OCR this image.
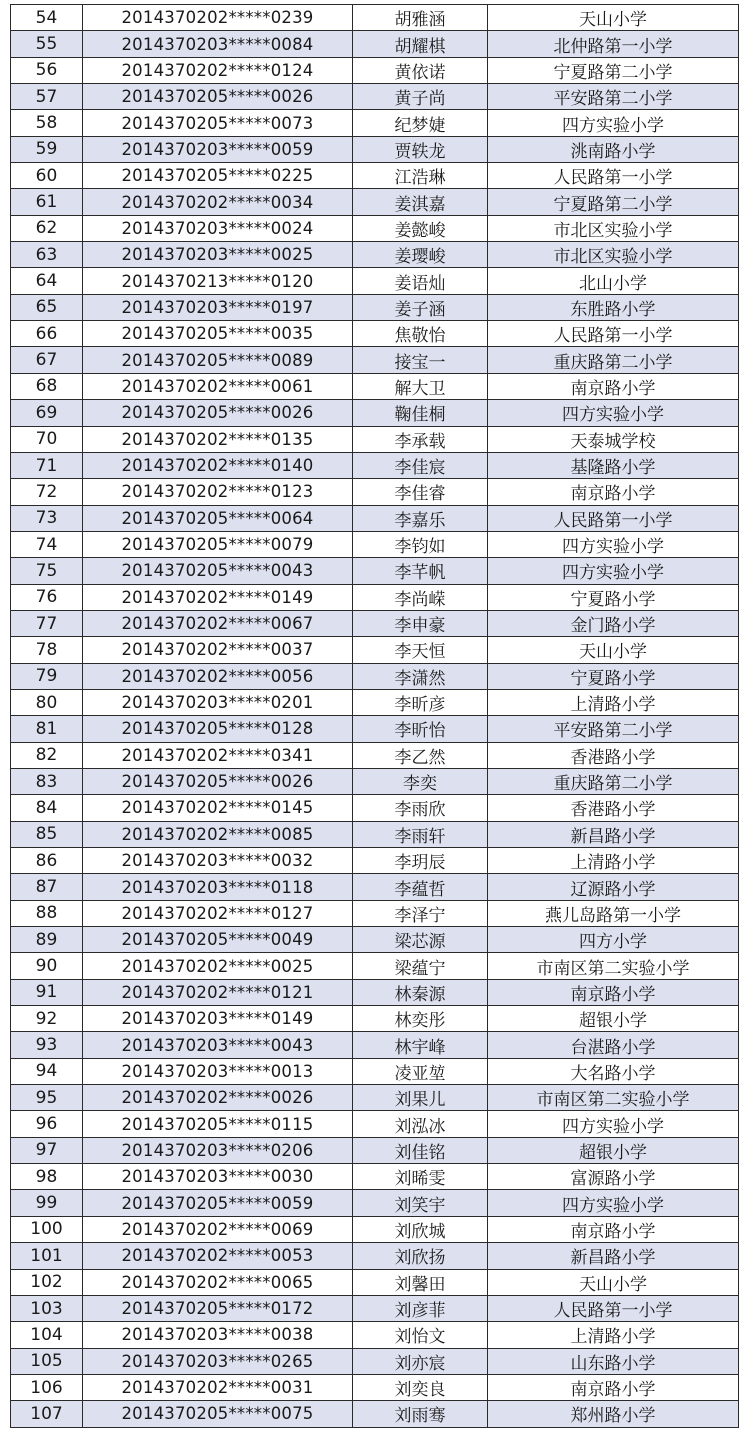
54	2014370202*****0239	胡雅涵	天山小学
55	2014370203*****0084	胡耀棋	北仲路第一小学
56	2014370202*****0124	黄依诺	宁夏路第二小学
57	2014370205*****0026	黄子尚	平安路第二小学
58	2014370205*****0073	纪梦婕	四方实验小学
59	2014370203*****0059	贾轶龙	洮南路小学
60	2014370205*****0225	江浩琳	人民路第一小学
61	2014370202*****0034	姜淇嘉	宁夏路第二小学
62	2014370203*****0024	姜懿峻	市北区实验小学
63	2014370203*****0025	姜璎峻	市北区实验小学
64	2014370213*****0120	姜语灿	北山小学
65	2014370203*****0197	姜子涵	东胜路小学
66	2014370205*****0035	焦敬怡	人民路第一小学
67	2014370205*****0089	接宝一	重庆路第二小学
68	2014370202*****0061	解大卫	南京路小学
69	2014370205*****0026	鞠佳桐	四方实验小学
70	2014370202*****0135	李承载	天泰城学校
71	2014370202*****0140	李佳宸	基隆路小学
72	2014370202*****0123	李佳睿	南京路小学
73	2014370205*****0064	李嘉乐	人民路第一小学
74	2014370205*****0079	李钧如	四方实验小学
75	2014370205*****0043	李芊帆	四方实验小学
76	2014370202*****0149	李尚嵘	宁夏路小学
77	2014370202*****0067	李申豪	金门路小学
78	2014370202*****0037	李天恒	天山小学
79	2014370202*****0056	李潇然	宁夏路小学
80	2014370203*****0201	李昕彦	上清路小学
81	2014370205*****0128	李昕怡	平安路第二小学
82	2014370202*****0341	李乙然	香港路小学
83	2014370205*****0026	李奕	重庆路第二小学
84	2014370202*****0145	李雨欣	香港路小学
85	2014370202*****0085	李雨轩	新昌路小学
86	2014370203*****0032	李玥辰	上清路小学
87	2014370203*****0118	李蕴哲	辽源路小学
88	2014370202*****0127	李泽宁	燕儿岛路第一小学
89	2014370205*****0049	梁芯源	四方小学
90	2014370202*****0025	梁蕴宁	市南区第二实验小学
91	2014370202*****0121	林秦源	南京路小学
92	2014370203*****0149	林奕彤	超银小学
93	2014370203*****0043	林宇峰	台湛路小学
94	2014370203*****0013	凌亚堃	大名路小学
95	2014370202*****0026	刘果儿	市南区第二实验小学
96	2014370205*****0115	刘泓冰	四方实验小学
97	2014370203*****0206	刘佳铭	超银小学
98	2014370203*****0030	刘晞雯	富源路小学
99	2014370205*****0059	刘笑宇	四方实验小学
100	2014370202*****0069	刘欣城	南京路小学
101	2014370202*****0053	刘欣扬	新昌路小学
102	2014370202*****0065	刘馨田	天山小学
103	2014370205*****0172	刘彦菲	人民路第一小学
104	2014370203*****0038	刘怡文	上清路小学
105	2014370203*****0265	刘亦宸	山东路小学
106	2014370202*****0031	刘奕良	南京路小学
107	2014370205*****0075	刘雨骞	郑州路小学
